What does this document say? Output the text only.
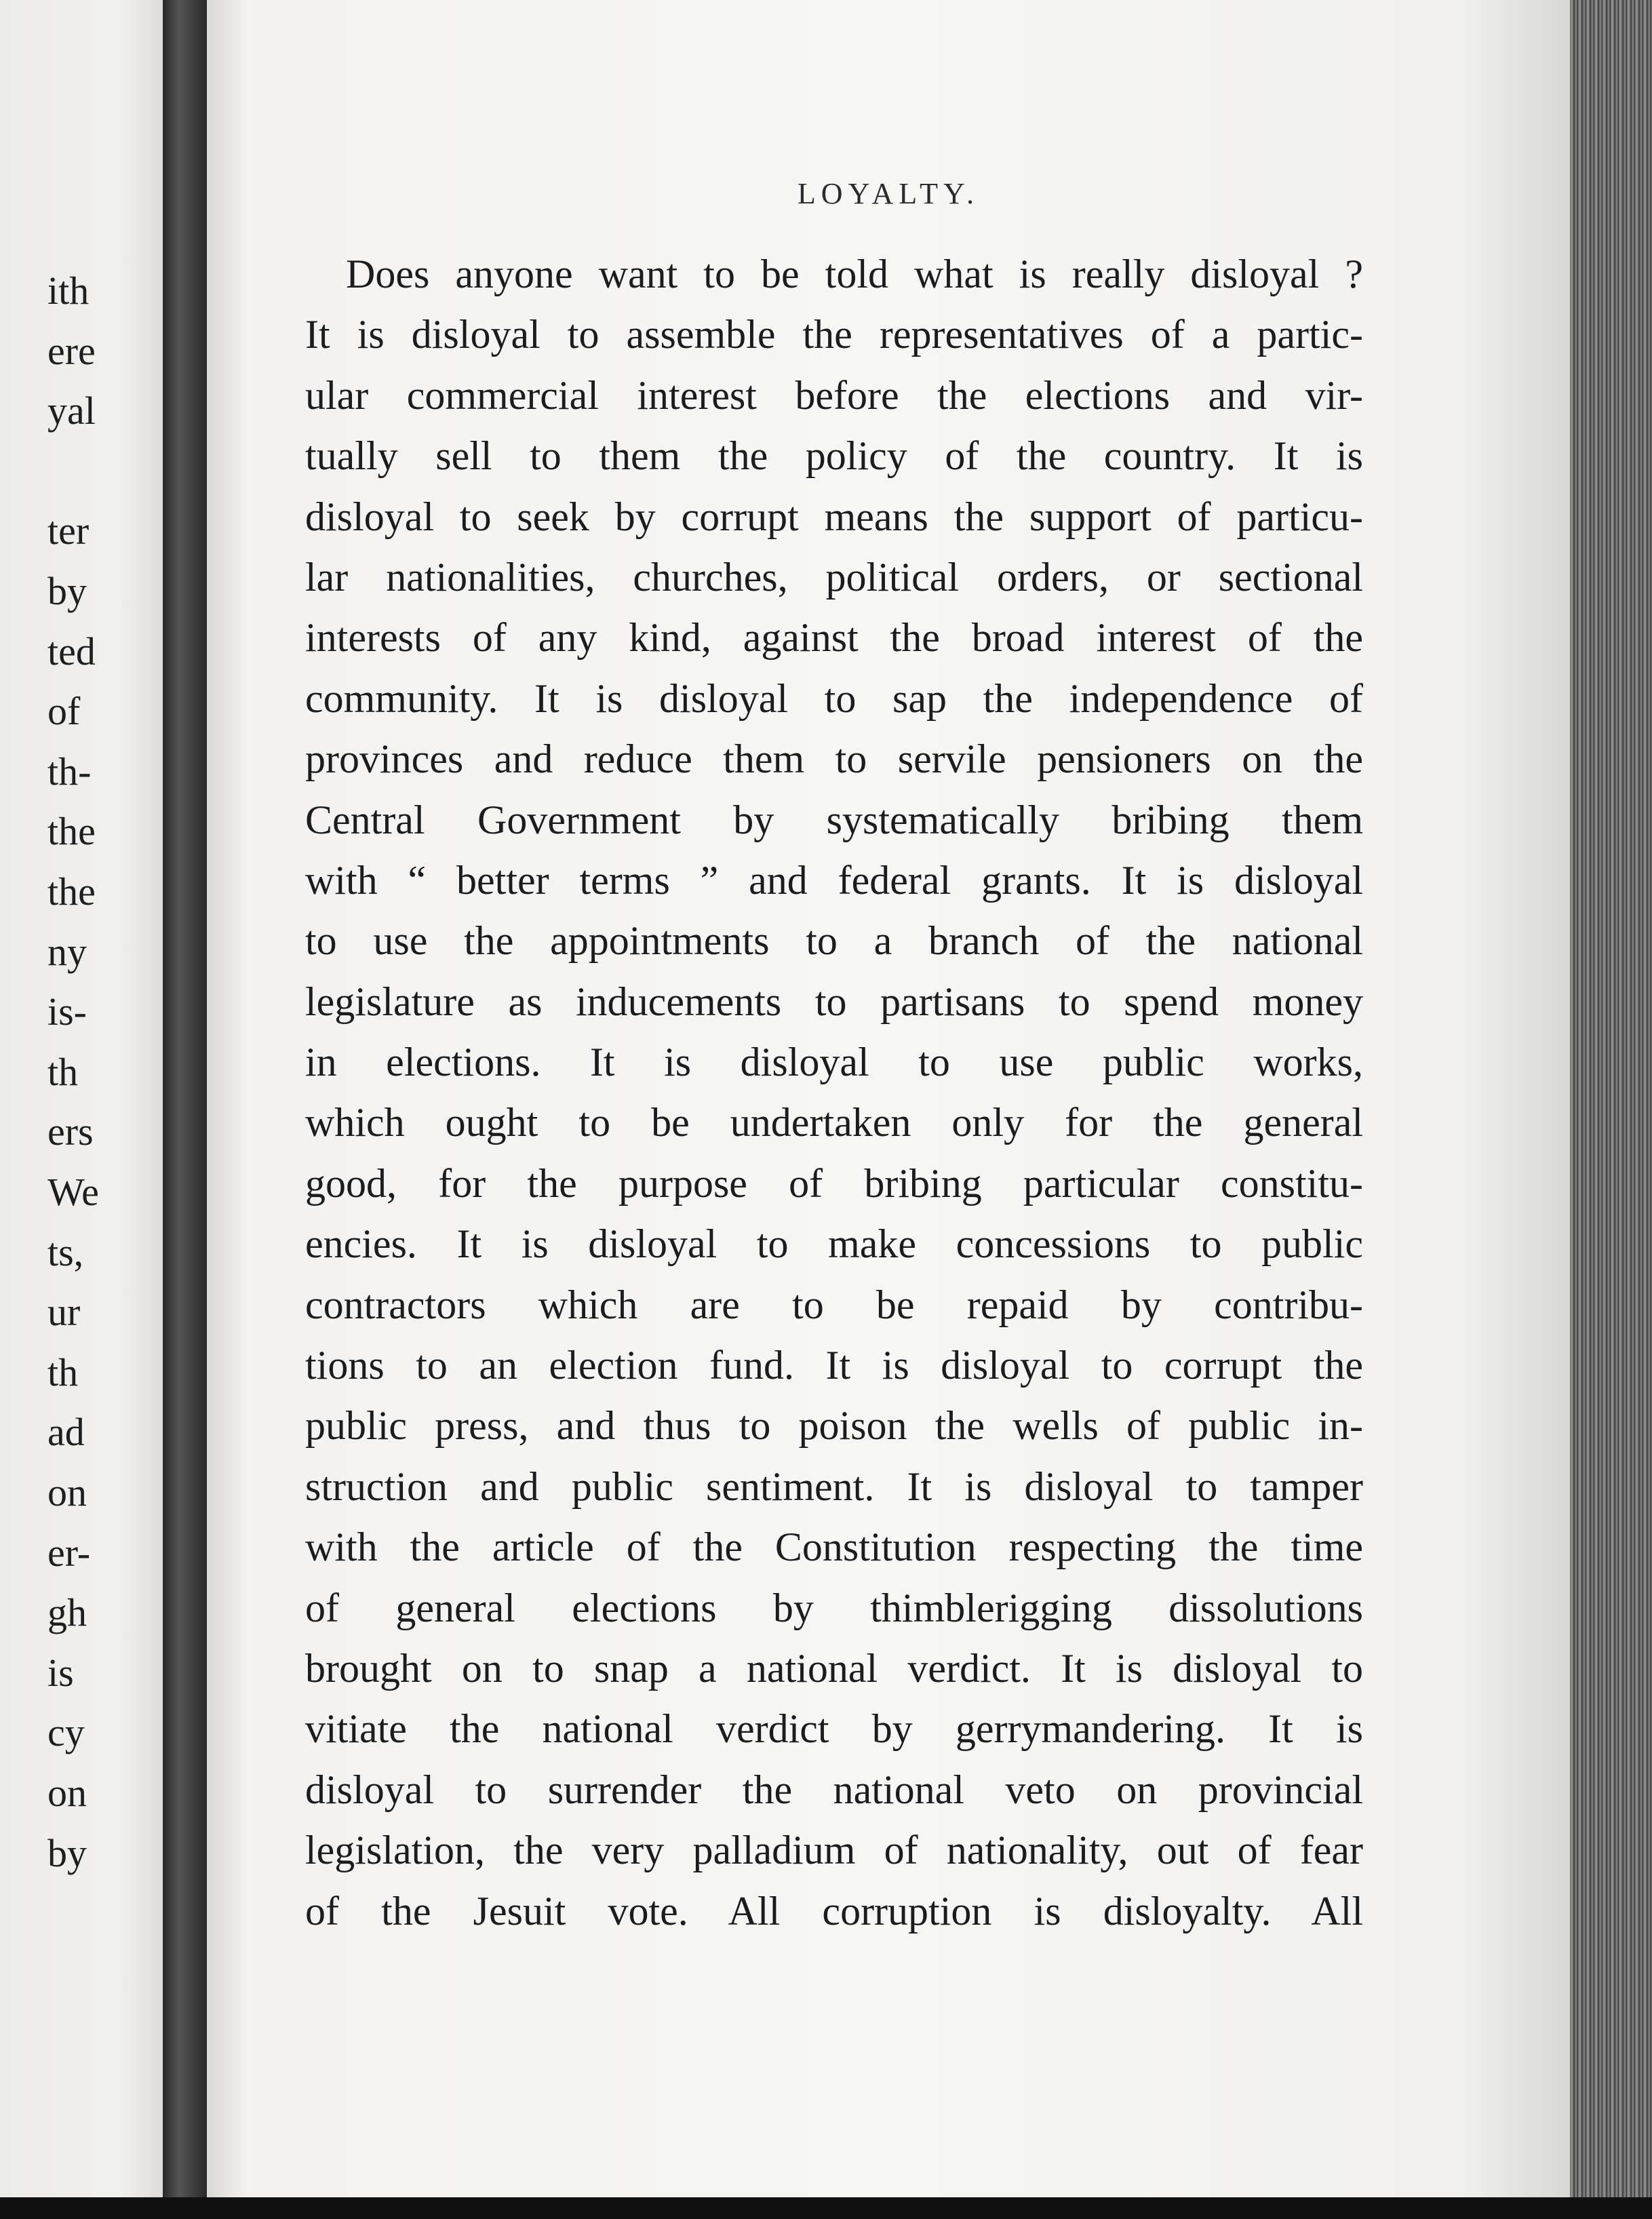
ith
ere
yal
ter
by
ted
of
th-
the
the
ny
is-
th
ers
We
ts,
ur
th
ad
on
er-
gh
is
cy
on
by
LOYALTY.
Does anyone want to be told what is really disloyal ?
It is disloyal to assemble the representatives of a partic-
ular commercial interest before the elections and vir-
tually sell to them the policy of the country. It is
disloyal to seek by corrupt means the support of particu-
lar nationalities, churches, political orders, or sectional
interests of any kind, against the broad interest of the
community. It is disloyal to sap the independence of
provinces and reduce them to servile pensioners on the
Central Government by systematically bribing them
with “ better terms ” and federal grants. It is disloyal
to use the appointments to a branch of the national
legislature as inducements to partisans to spend money
in elections. It is disloyal to use public works,
which ought to be undertaken only for the general
good, for the purpose of bribing particular constitu-
encies. It is disloyal to make concessions to public
contractors which are to be repaid by contribu-
tions to an election fund. It is disloyal to corrupt the
public press, and thus to poison the wells of public in-
struction and public sentiment. It is disloyal to tamper
with the article of the Constitution respecting the time
of general elections by thimblerigging dissolutions
brought on to snap a national verdict. It is disloyal to
vitiate the national verdict by gerrymandering. It is
disloyal to surrender the national veto on provincial
legislation, the very palladium of nationality, out of fear
of the Jesuit vote. All corruption is disloyalty. All
